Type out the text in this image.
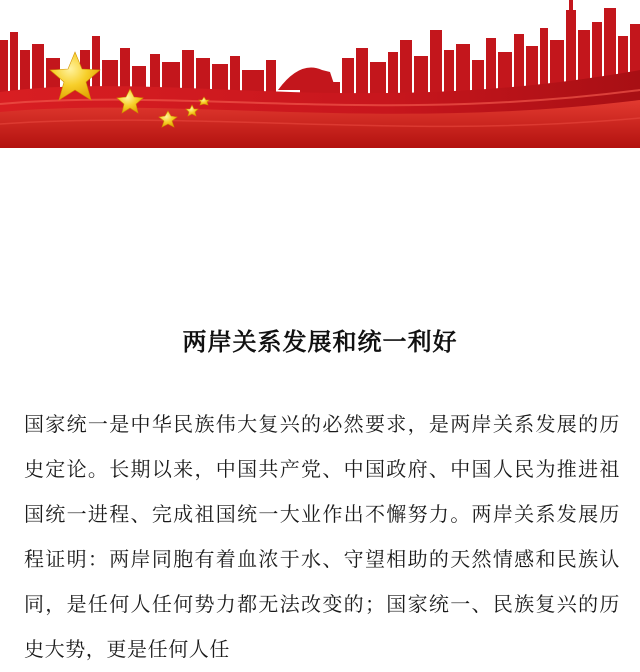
两岸关系发展和统一利好

国家统一是中华民族伟大复兴的必然要求，是两岸关系发展的历史定论。长期以来，中国共产党、中国政府、中国人民为推进祖国统一进程、完成祖国统一大业作出不懈努力。两岸关系发展历程证明：两岸同胞有着血浓于水、守望相助的天然情感和民族认同，是任何人任何势力都无法改变的；国家统一、民族复兴的历史大势，更是任何人任
